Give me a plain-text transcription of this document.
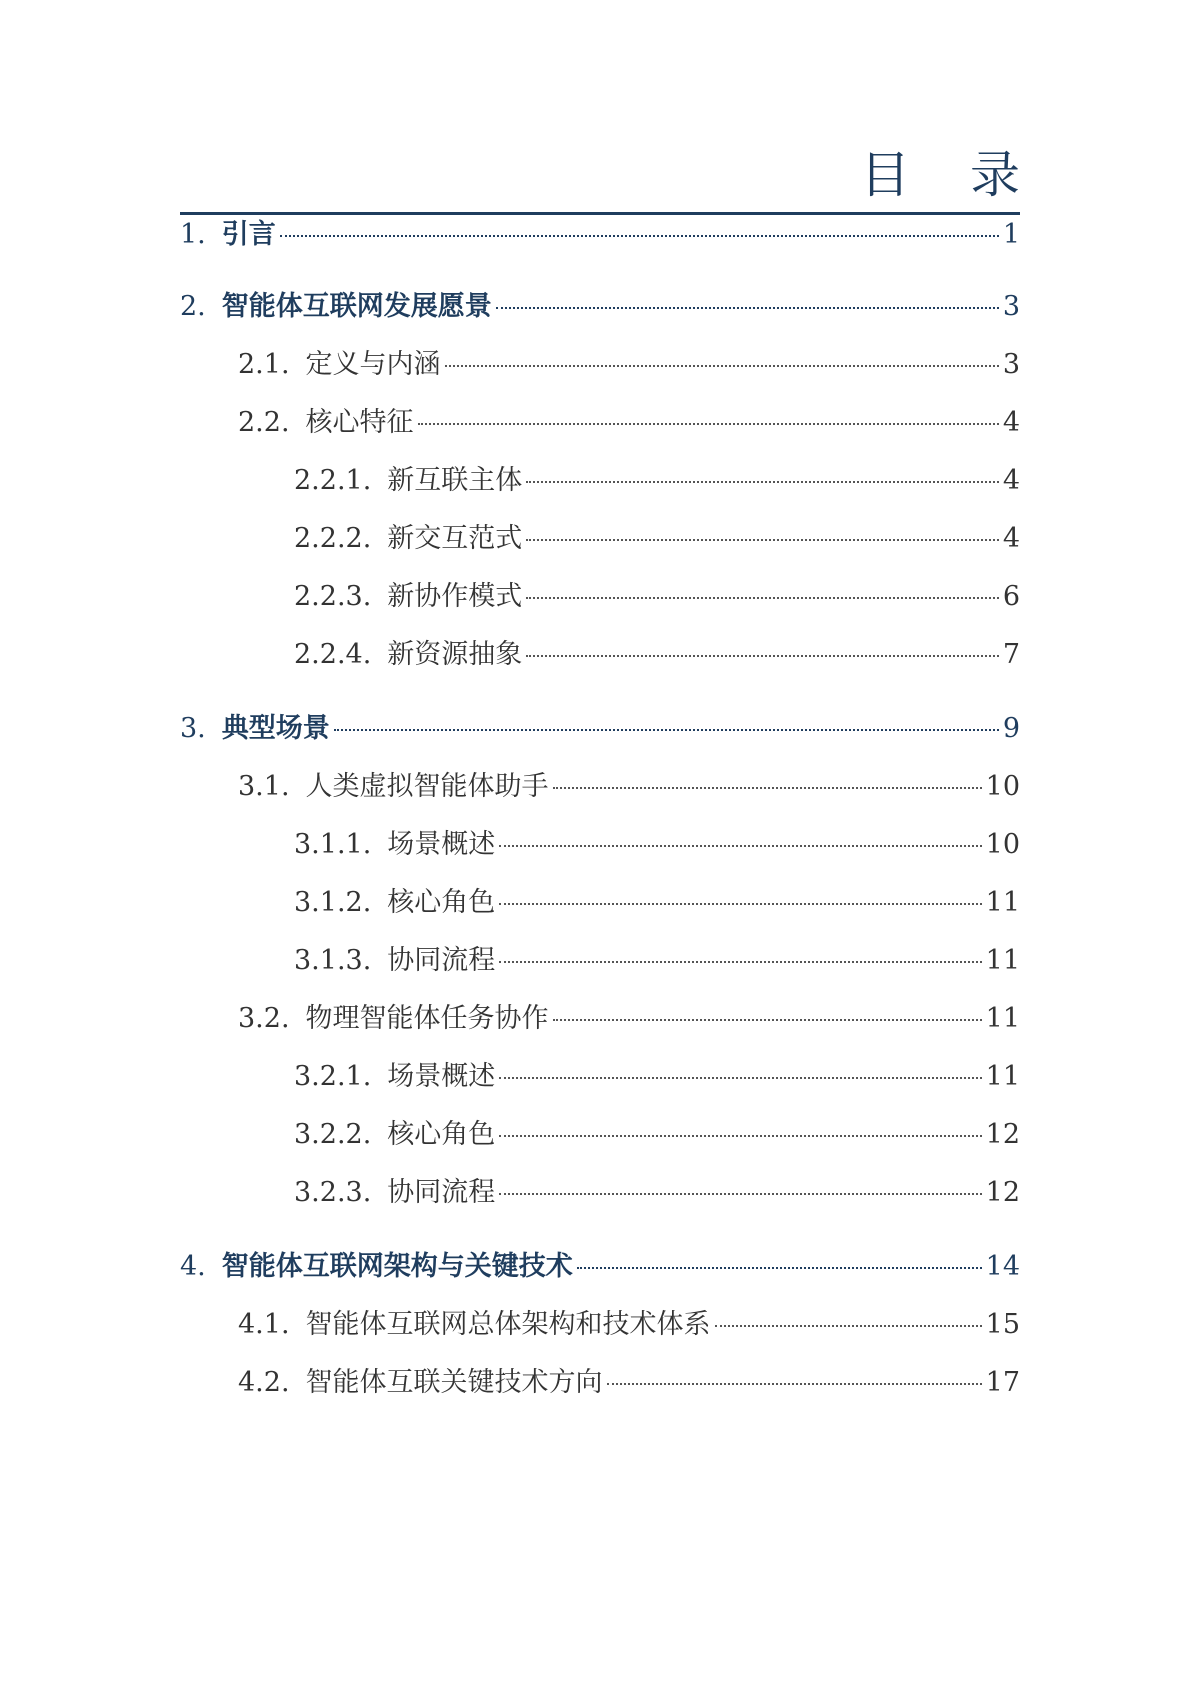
目 录
1. 引言	1
2. 智能体互联网发展愿景	3
2.1. 定义与内涵	3
2.2. 核心特征	4
2.2.1. 新互联主体	4
2.2.2. 新交互范式	4
2.2.3. 新协作模式	6
2.2.4. 新资源抽象	7
3. 典型场景	9
3.1. 人类虚拟智能体助手	10
3.1.1. 场景概述	10
3.1.2. 核心角色	11
3.1.3. 协同流程	11
3.2. 物理智能体任务协作	11
3.2.1. 场景概述	11
3.2.2. 核心角色	12
3.2.3. 协同流程	12
4. 智能体互联网架构与关键技术	14
4.1. 智能体互联网总体架构和技术体系	15
4.2. 智能体互联关键技术方向	17
